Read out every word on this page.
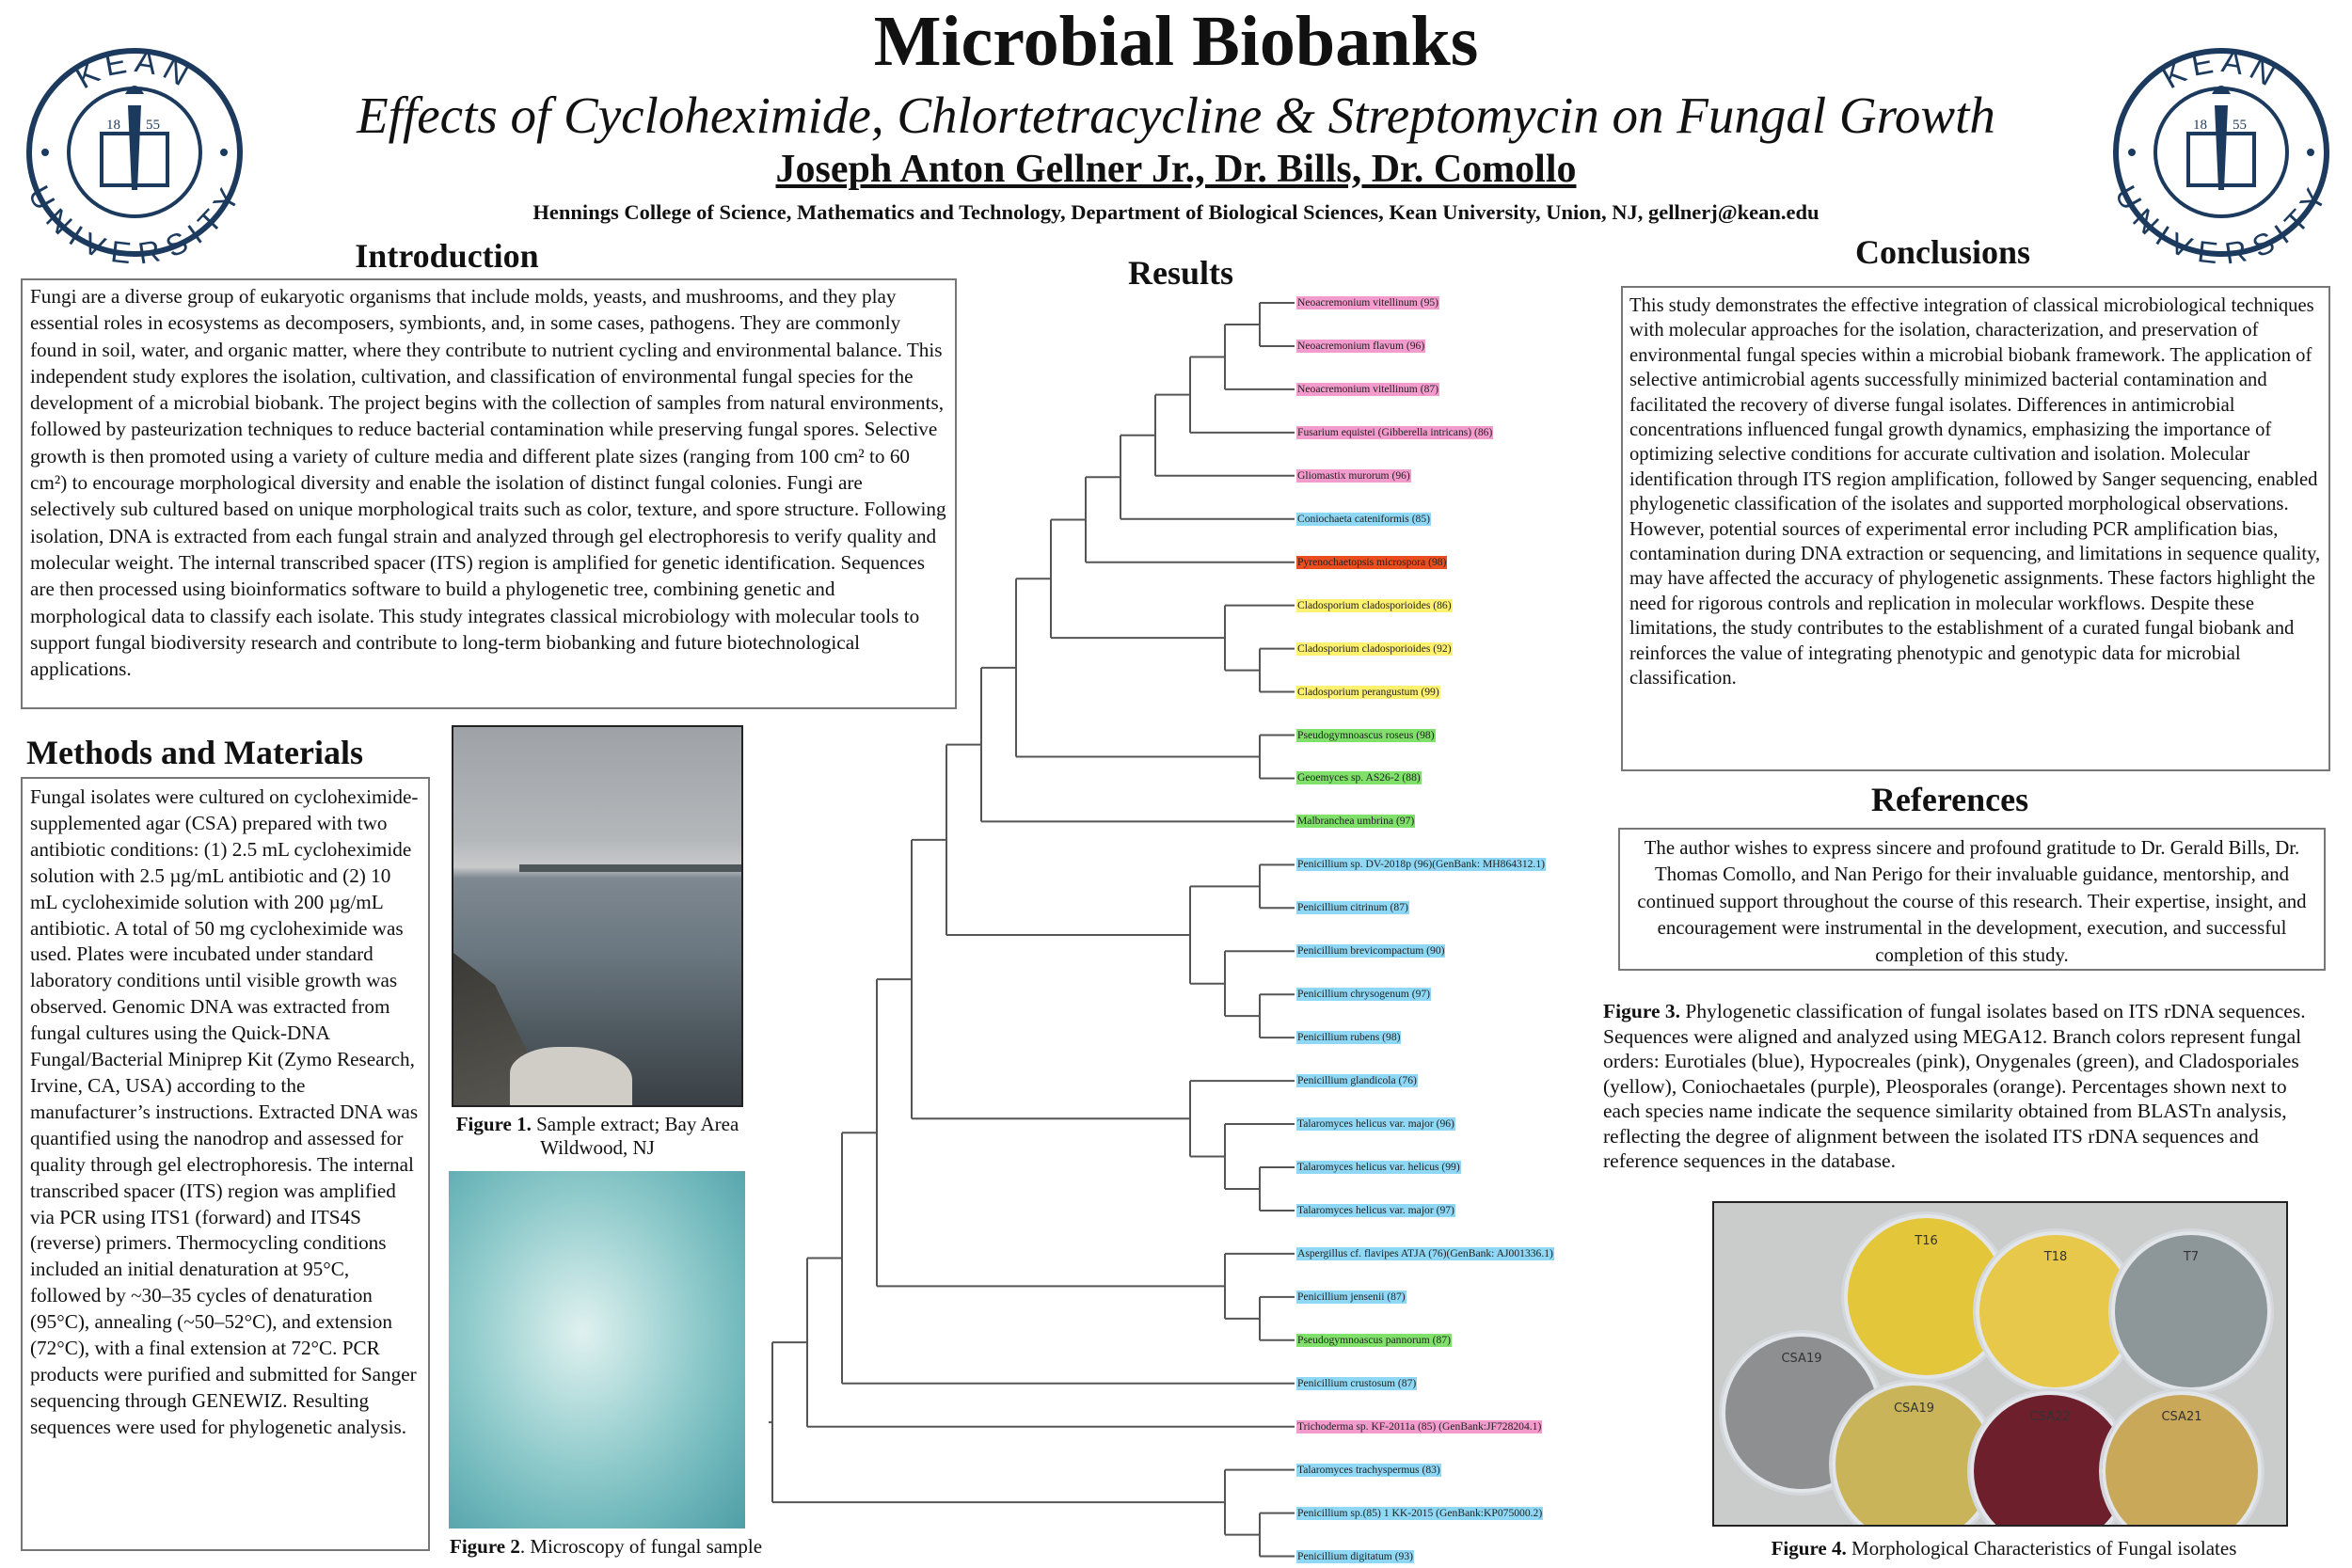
Microbial Biobanks
Effects of Cycloheximide, Chlortetracycline & Streptomycin on Fungal Growth
Joseph Anton Gellner Jr., Dr. Bills, Dr. Comollo
Hennings College of Science, Mathematics and Technology, Department of Biological Sciences, Kean University, Union, NJ, gellnerj@kean.edu
KEAN
UNIVERSITY
18 55
KEAN
UNIVERSITY
18 55
Introduction

Fungi are a diverse group of eukaryotic organisms that include molds, yeasts, and mushrooms, and they play essential roles in ecosystems as decomposers, symbionts, and, in some cases, pathogens. They are commonly found in soil, water, and organic matter, where they contribute to nutrient cycling and environmental balance. This independent study explores the isolation, cultivation, and classification of environmental fungal species for the development of a microbial biobank. The project begins with the collection of samples from natural environments, followed by pasteurization techniques to reduce bacterial contamination while preserving fungal spores. Selective growth is then promoted using a variety of culture media and different plate sizes (ranging from 100 cm² to 60 cm²) to encourage morphological diversity and enable the isolation of distinct fungal colonies. Fungi are selectively sub cultured based on unique morphological traits such as color, texture, and spore structure. Following isolation, DNA is extracted from each fungal strain and analyzed through gel electrophoresis to verify quality and molecular weight. The internal transcribed spacer (ITS) region is amplified for genetic identification. Sequences are then processed using bioinformatics software to build a phylogenetic tree, combining genetic and morphological data to classify each isolate. This study integrates classical microbiology with molecular tools to support fungal biodiversity research and contribute to long-term biobanking and future biotechnological applications.

Methods and Materials

Fungal isolates were cultured on cycloheximide-supplemented agar (CSA) prepared with two antibiotic conditions: (1) 2.5 mL cycloheximide solution with 2.5 µg/mL antibiotic and (2) 10 mL cycloheximide solution with 200 µg/mL antibiotic. A total of 50 mg cycloheximide was used. Plates were incubated under standard laboratory conditions until visible growth was observed. Genomic DNA was extracted from fungal cultures using the Quick-DNA Fungal/Bacterial Miniprep Kit (Zymo Research, Irvine, CA, USA) according to the manufacturer’s instructions. Extracted DNA was quantified using the nanodrop and assessed for quality through gel electrophoresis. The internal transcribed spacer (ITS) region was amplified via PCR using ITS1 (forward) and ITS4S (reverse) primers. Thermocycling conditions included an initial denaturation at 95°C, followed by ~30–35 cycles of denaturation (95°C), annealing (~50–52°C), and extension (72°C), with a final extension at 72°C. PCR products were purified and submitted for Sanger sequencing through GENEWIZ. Resulting sequences were used for phylogenetic analysis.

Figure 1. Sample extract; Bay Area Wildwood, NJ
Figure 2. Microscopy of fungal sample
Results
Neoacremonium vitellinum (95)
Neoacremonium flavum (96)
Neoacremonium vitellinum (87)
Fusarium equistei (Gibberella intricans) (86)
Gliomastix murorum (96)
Coniochaeta cateniformis (85)
Pyrenochaetopsis microspora (98)
Cladosporium cladosporioides (86)
Cladosporium cladosporioides (92)
Cladosporium perangustum (99)
Pseudogymnoascus roseus (98)
Geoemyces sp. AS26-2 (88)
Malbranchea umbrina (97)
Penicillium sp. DV-2018p (96)(GenBank: MH864312.1)
Penicillium citrinum (87)
Penicillium brevicompactum (90)
Penicillium chrysogenum (97)
Penicillium rubens (98)
Penicillium glandicola (76)
Talaromyces helicus var. major (96)
Talaromyces helicus var. helicus (99)
Talaromyces helicus var. major (97)
Aspergillus cf. flavipes ATJA (76)(GenBank: AJ001336.1)
Penicillium jensenii (87)
Pseudogymnoascus pannorum (87)
Penicillium crustosum (87)
Trichoderma sp. KF-2011a (85) (GenBank:JF728204.1)
Talaromyces trachyspermus (83)
Penicillium sp.(85) 1 KK-2015 (GenBank:KP075000.2)
Penicillium digitatum (93)
Conclusions

This study demonstrates the effective integration of classical microbiological techniques with molecular approaches for the isolation, characterization, and preservation of environmental fungal species within a microbial biobank framework. The application of selective antimicrobial agents successfully minimized bacterial contamination and facilitated the recovery of diverse fungal isolates. Differences in antimicrobial concentrations influenced fungal growth dynamics, emphasizing the importance of optimizing selective conditions for accurate cultivation and isolation. Molecular identification through ITS region amplification, followed by Sanger sequencing, enabled phylogenetic classification of the isolates and supported morphological observations. However, potential sources of experimental error including PCR amplification bias, contamination during DNA extraction or sequencing, and limitations in sequence quality, may have affected the accuracy of phylogenetic assignments. These factors highlight the need for rigorous controls and replication in molecular workflows. Despite these limitations, the study contributes to the establishment of a curated fungal biobank and reinforces the value of integrating phenotypic and genotypic data for microbial classification.

References

The author wishes to express sincere and profound gratitude to Dr. Gerald Bills, Dr. Thomas Comollo, and Nan Perigo for their invaluable guidance, mentorship, and continued support throughout the course of this research. Their expertise, insight, and encouragement were instrumental in the development, execution, and successful completion of this study.

Figure 3. Phylogenetic classification of fungal isolates based on ITS rDNA sequences. Sequences were aligned and analyzed using MEGA12. Branch colors represent fungal orders: Eurotiales (blue), Hypocreales (pink), Onygenales (green), and Cladosporiales (yellow), Coniochaetales (purple), Pleosporales (orange). Percentages shown next to each species name indicate the sequence similarity obtained from BLASTn analysis, reflecting the degree of alignment between the isolated ITS rDNA sequences and reference sequences in the database.
CSA19
T16
T18	T7
CSA19
CSA22	CSA21
Figure 4. Morphological Characteristics of Fungal isolates
